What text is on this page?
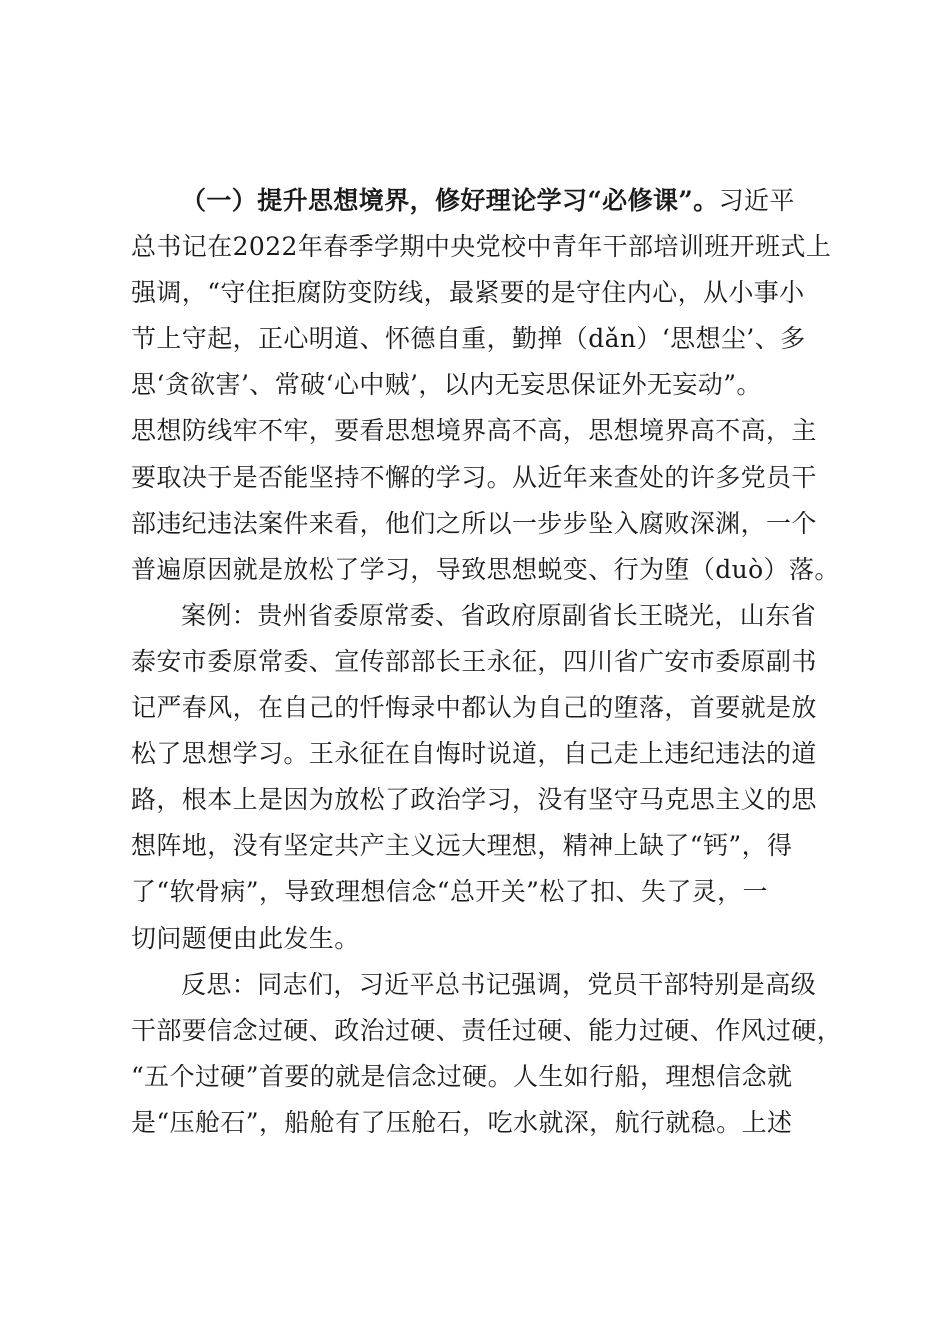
（一）提升思想境界，修好理论学习“必修课”。习近平
总书记在2022年春季学期中央党校中青年干部培训班开班式上
强调，“守住拒腐防变防线，最紧要的是守住内心，从小事小
节上守起，正心明道、怀德自重，勤掸（dǎn）‘思想尘’、多
思‘贪欲害’、常破‘心中贼’，以内无妄思保证外无妄动”。
思想防线牢不牢，要看思想境界高不高，思想境界高不高，主
要取决于是否能坚持不懈的学习。从近年来查处的许多党员干
部违纪违法案件来看，他们之所以一步步坠入腐败深渊，一个
普遍原因就是放松了学习，导致思想蜕变、行为堕（duò）落。
案例：贵州省委原常委、省政府原副省长王晓光，山东省
泰安市委原常委、宣传部部长王永征，四川省广安市委原副书
记严春风，在自己的忏悔录中都认为自己的堕落，首要就是放
松了思想学习。王永征在自悔时说道，自己走上违纪违法的道
路，根本上是因为放松了政治学习，没有坚守马克思主义的思
想阵地，没有坚定共产主义远大理想，精神上缺了“钙”，得
了“软骨病”，导致理想信念“总开关”松了扣、失了灵，一
切问题便由此发生。
反思：同志们，习近平总书记强调，党员干部特别是高级
干部要信念过硬、政治过硬、责任过硬、能力过硬、作风过硬，
“五个过硬”首要的就是信念过硬。人生如行船，理想信念就
是“压舱石”，船舱有了压舱石，吃水就深，航行就稳。上述
